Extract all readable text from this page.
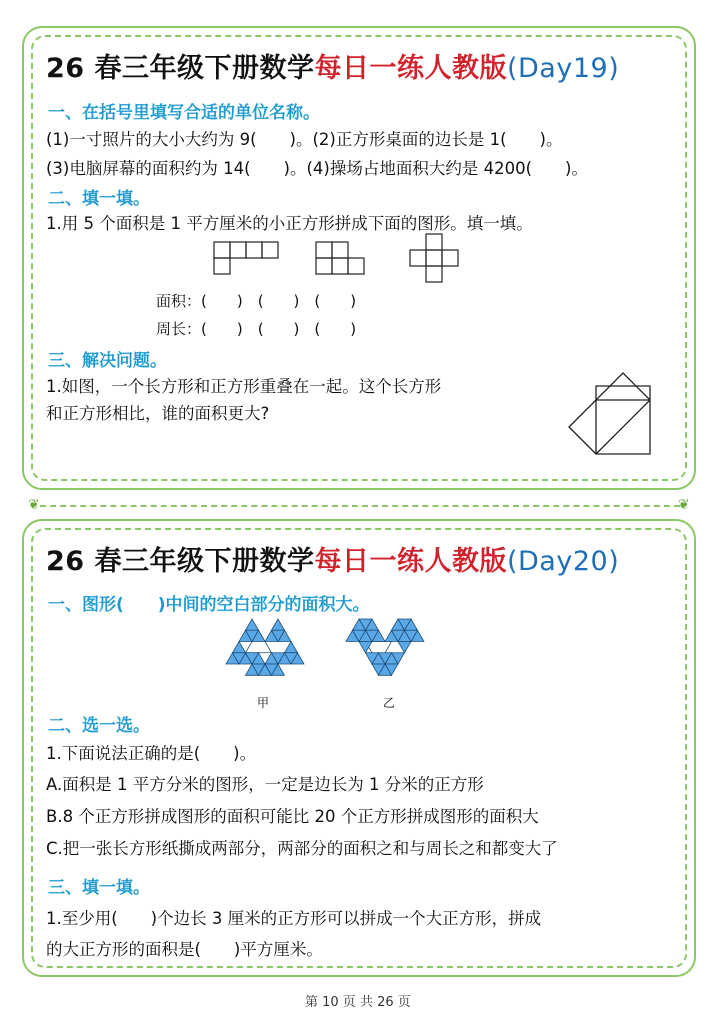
26 春三年级下册数学每日一练人教版(Day19)
一、在括号里填写合适的单位名称。
(1)一寸照片的大小大约为 9(　　)。(2)正方形桌面的边长是 1(　　)。
(3)电脑屏幕的面积约为 14(　　)。(4)操场占地面积大约是 4200(　　)。
二、填一填。
1.用 5 个面积是 1 平方厘米的小正方形拼成下面的图形。填一填。
面积：(　　)　(　　)　(　　)
周长：(　　)　(　　)　(　　)
三、解决问题。
1.如图，一个长方形和正方形重叠在一起。这个长方形
和正方形相比，谁的面积更大?
❦	❦
26 春三年级下册数学每日一练人教版(Day20)
一、图形(　　)中间的空白部分的面积大。
甲	乙
二、选一选。
1.下面说法正确的是(　　)。
A.面积是 1 平方分米的图形，一定是边长为 1 分米的正方形
B.8 个正方形拼成图形的面积可能比 20 个正方形拼成图形的面积大
C.把一张长方形纸撕成两部分，两部分的面积之和与周长之和都变大了
三、填一填。
1.至少用(　　)个边长 3 厘米的正方形可以拼成一个大正方形，拼成
的大正方形的面积是(　　)平方厘米。
第 10 页 共 26 页
